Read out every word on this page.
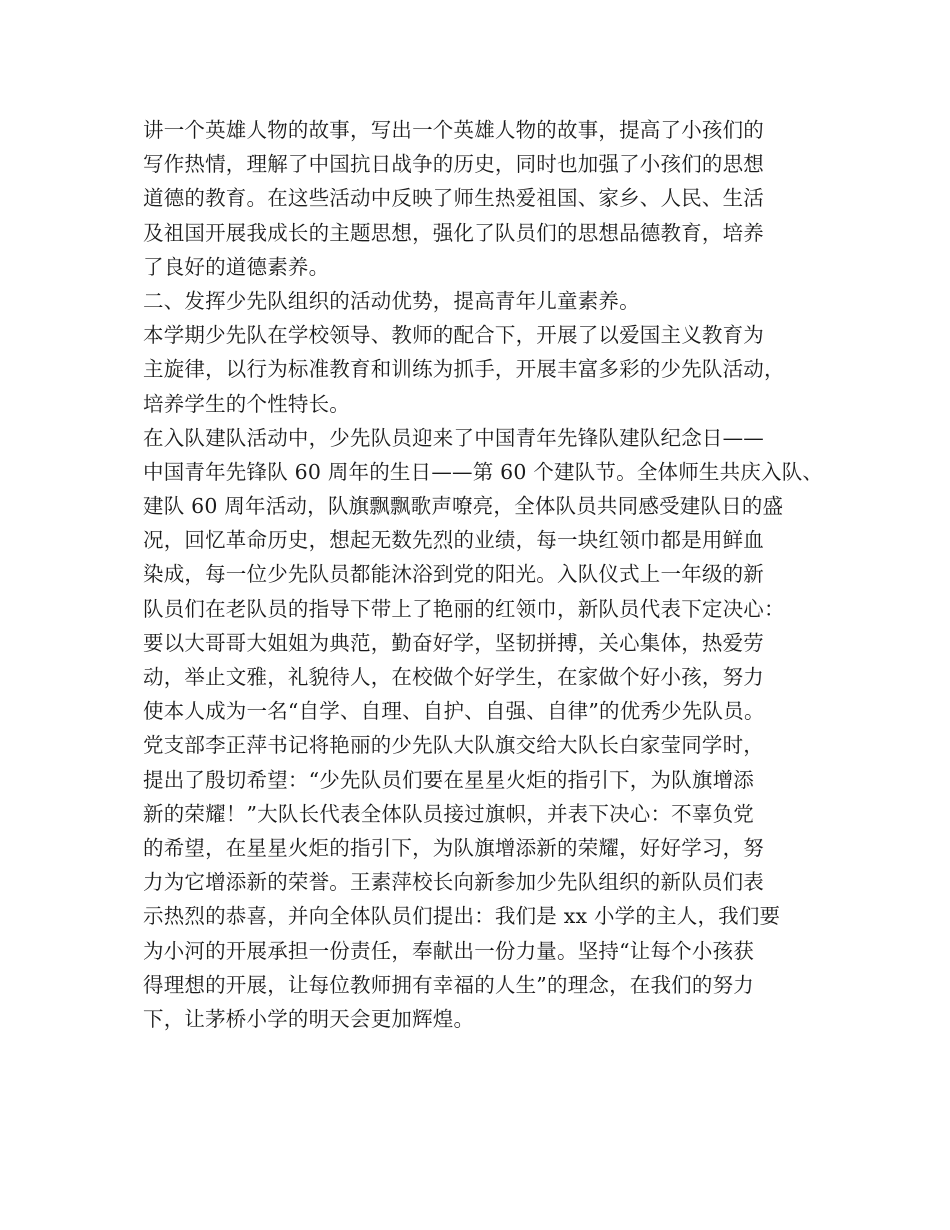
讲一个英雄人物的故事，写出一个英雄人物的故事，提高了小孩们的
写作热情，理解了中国抗日战争的历史，同时也加强了小孩们的思想
道德的教育。在这些活动中反映了师生热爱祖国、家乡、人民、生活
及祖国开展我成长的主题思想，强化了队员们的思想品德教育，培养
了良好的道德素养。
二、发挥少先队组织的活动优势，提高青年儿童素养。
本学期少先队在学校领导、教师的配合下，开展了以爱国主义教育为
主旋律，以行为标准教育和训练为抓手，开展丰富多彩的少先队活动，
培养学生的个性特长。
在入队建队活动中，少先队员迎来了中国青年先锋队建队纪念日——
中国青年先锋队 60 周年的生日——第 60 个建队节。全体师生共庆入队、
建队 60 周年活动，队旗飘飘歌声嘹亮，全体队员共同感受建队日的盛
况，回忆革命历史，想起无数先烈的业绩，每一块红领巾都是用鲜血
染成，每一位少先队员都能沐浴到党的阳光。入队仪式上一年级的新
队员们在老队员的指导下带上了艳丽的红领巾，新队员代表下定决心：
要以大哥哥大姐姐为典范，勤奋好学，坚韧拼搏，关心集体，热爱劳
动，举止文雅，礼貌待人，在校做个好学生，在家做个好小孩，努力
使本人成为一名“自学、自理、自护、自强、自律”的优秀少先队员。
党支部李正萍书记将艳丽的少先队大队旗交给大队长白家莹同学时，
提出了殷切希望：“少先队员们要在星星火炬的指引下，为队旗增添
新的荣耀！”大队长代表全体队员接过旗帜，并表下决心：不辜负党
的希望，在星星火炬的指引下，为队旗增添新的荣耀，好好学习，努
力为它增添新的荣誉。王素萍校长向新参加少先队组织的新队员们表
示热烈的恭喜，并向全体队员们提出：我们是 xx 小学的主人，我们要
为小河的开展承担一份责任，奉献出一份力量。坚持“让每个小孩获
得理想的开展，让每位教师拥有幸福的人生”的理念，在我们的努力
下，让茅桥小学的明天会更加辉煌。
